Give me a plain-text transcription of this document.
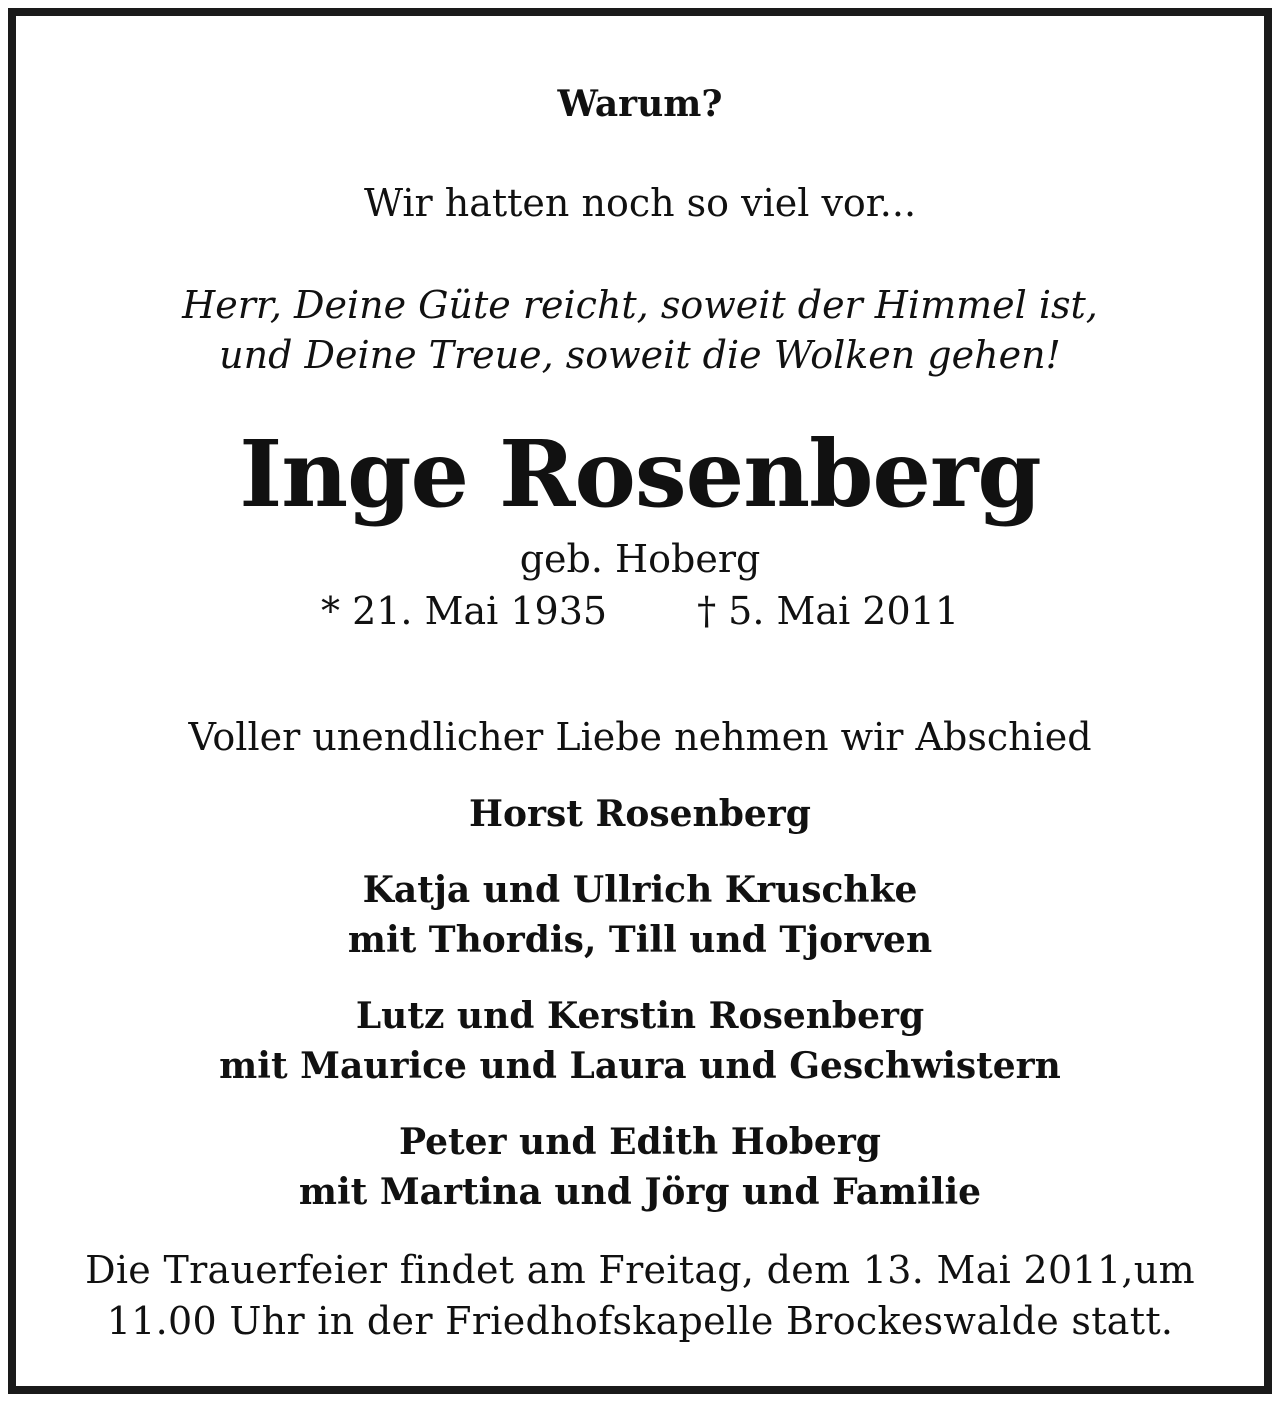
Warum?
Wir hatten noch so viel vor...
Herr, Deine Güte reicht, soweit der Himmel ist,
und Deine Treue, soweit die Wolken gehen!
Inge Rosenberg
geb. Hoberg
* 21. Mai 1935 † 5. Mai 2011
Voller unendlicher Liebe nehmen wir Abschied
Horst Rosenberg
Katja und Ullrich Kruschke
mit Thordis, Till und Tjorven
Lutz und Kerstin Rosenberg
mit Maurice und Laura und Geschwistern
Peter und Edith Hoberg
mit Martina und Jörg und Familie
Die Trauerfeier findet am Freitag, dem 13. Mai 2011,um
11.00 Uhr in der Friedhofskapelle Brockeswalde statt.
